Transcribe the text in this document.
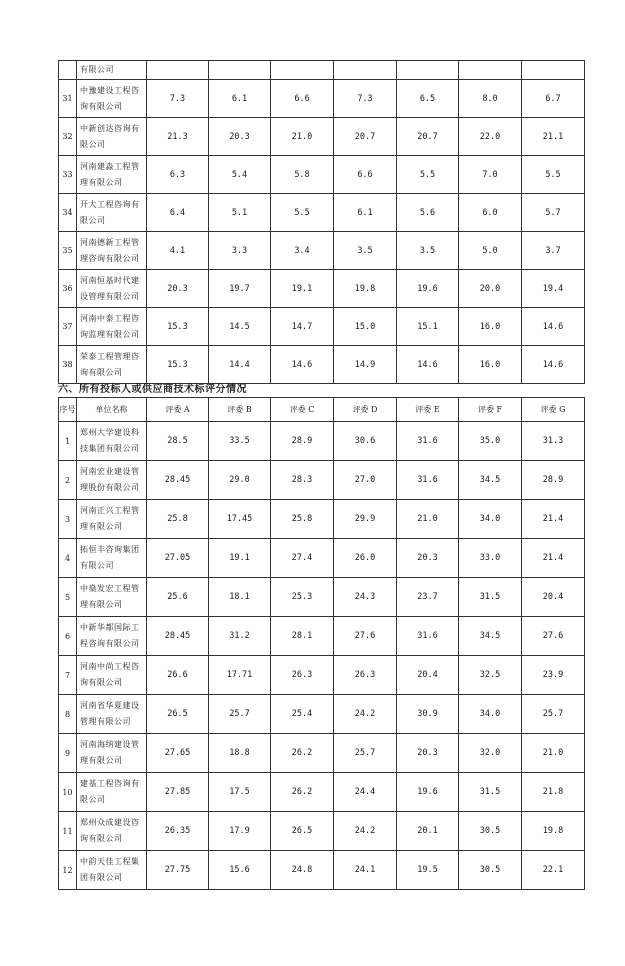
	有限公司							
31	中豫建设工程咨询有限公司	7.3	6.1	6.6	7.3	6.5	8.0	6.7
32	中新创达咨询有限公司	21.3	20.3	21.0	20.7	20.7	22.0	21.1
33	河南建淼工程管理有限公司	6.3	5.4	5.8	6.6	5.5	7.0	5.5
34	开大工程咨询有限公司	6.4	5.1	5.5	6.1	5.6	6.0	5.7
35	河南德新工程管理咨询有限公司	4.1	3.3	3.4	3.5	3.5	5.0	3.7
36	河南恒基时代建设管理有限公司	20.3	19.7	19.1	19.8	19.6	20.0	19.4
37	河南中泰工程咨询监理有限公司	15.3	14.5	14.7	15.0	15.1	16.0	14.6
38	荣泰工程管理咨询有限公司	15.3	14.4	14.6	14.9	14.6	16.0	14.6
六、所有投标人或供应商技术标评分情况
序号	单位名称	评委 A	评委 B	评委 C	评委 D	评委 E	评委 F	评委 G
1	郑州大学建设科技集团有限公司	28.5	33.5	28.9	30.6	31.6	35.0	31.3
2	河南宏业建设管理股份有限公司	28.45	29.0	28.3	27.0	31.6	34.5	28.9
3	河南正兴工程管理有限公司	25.8	17.45	25.8	29.9	21.0	34.0	21.4
4	拓恒丰咨询集团有限公司	27.05	19.1	27.4	26.0	20.3	33.0	21.4
5	中燊发宏工程管理有限公司	25.6	18.1	25.3	24.3	23.7	31.5	20.4
6	中新华都国际工程咨询有限公司	28.45	31.2	28.1	27.6	31.6	34.5	27.6
7	河南中尚工程咨询有限公司	26.6	17.71	26.3	26.3	20.4	32.5	23.9
8	河南省华夏建设管理有限公司	26.5	25.7	25.4	24.2	30.9	34.0	25.7
9	河南海纳建设管理有限公司	27.65	18.8	26.2	25.7	20.3	32.0	21.0
10	建基工程咨询有限公司	27.85	17.5	26.2	24.4	19.6	31.5	21.8
11	郑州众成建设咨询有限公司	26.35	17.9	26.5	24.2	20.1	30.5	19.8
12	中韵天佳工程集团有限公司	27.75	15.6	24.8	24.1	19.5	30.5	22.1
